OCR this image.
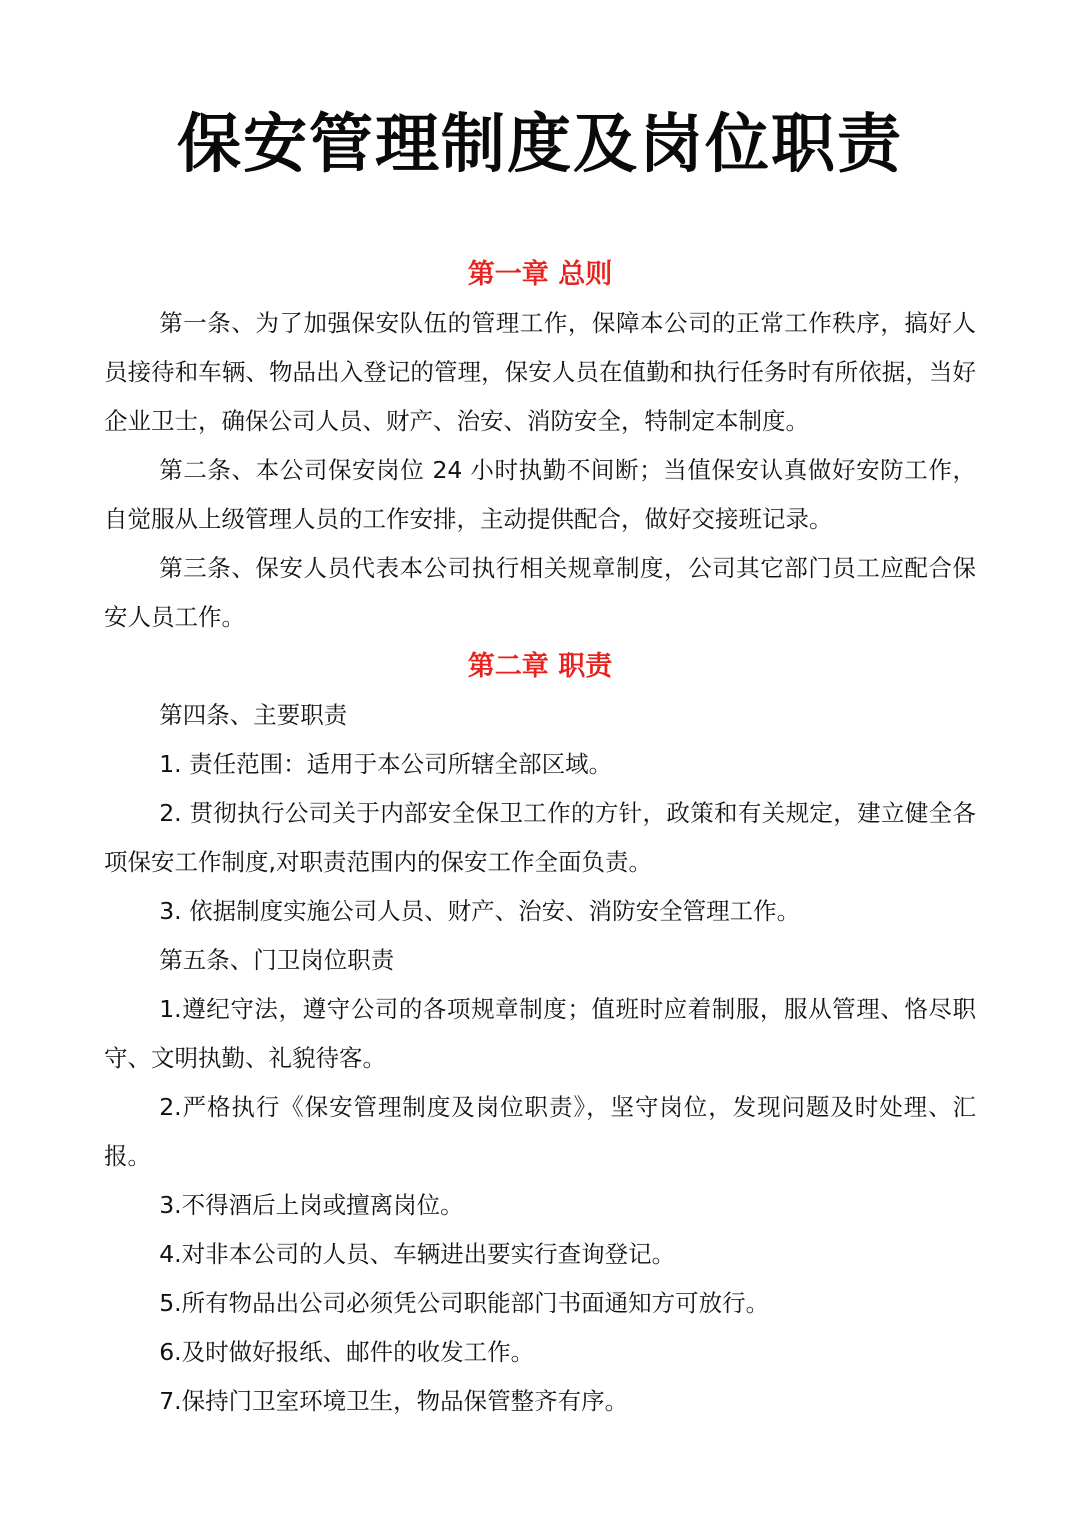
保安管理制度及岗位职责
第一章 总则

第一条、为了加强保安队伍的管理工作，保障本公司的正常工作秩序，搞好人员接待和车辆、物品出入登记的管理，保安人员在值勤和执行任务时有所依据，当好企业卫士，确保公司人员、财产、治安、消防安全，特制定本制度。

第二条、本公司保安岗位 24 小时执勤不间断；当值保安认真做好安防工作，自觉服从上级管理人员的工作安排，主动提供配合，做好交接班记录。

第三条、保安人员代表本公司执行相关规章制度，公司其它部门员工应配合保安人员工作。

第二章 职责

第四条、主要职责

1. 责任范围：适用于本公司所辖全部区域。

2. 贯彻执行公司关于内部安全保卫工作的方针，政策和有关规定，建立健全各项保安工作制度,对职责范围内的保安工作全面负责。

3. 依据制度实施公司人员、财产、治安、消防安全管理工作。

第五条、门卫岗位职责

1.遵纪守法，遵守公司的各项规章制度；值班时应着制服，服从管理、恪尽职守、文明执勤、礼貌待客。

2.严格执行《保安管理制度及岗位职责》，坚守岗位，发现问题及时处理、汇报。

3.不得酒后上岗或擅离岗位。

4.对非本公司的人员、车辆进出要实行查询登记。

5.所有物品出公司必须凭公司职能部门书面通知方可放行。

6.及时做好报纸、邮件的收发工作。

7.保持门卫室环境卫生，物品保管整齐有序。
